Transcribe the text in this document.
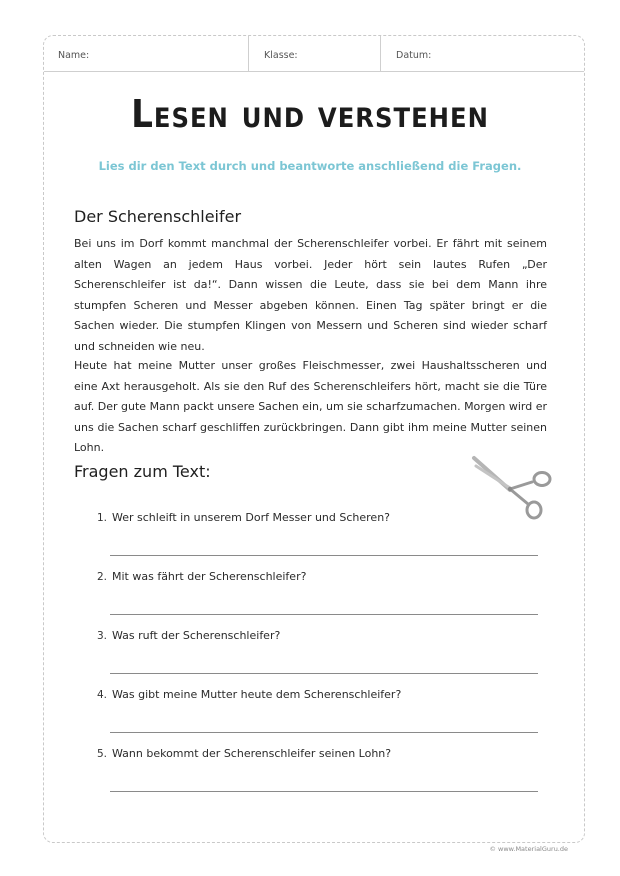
Name:	Klasse:	Datum:
Lesen und verstehen
Lies dir den Text durch und beantworte anschließend die Fragen.
Der Scherenschleifer

Bei uns im Dorf kommt manchmal der Scherenschleifer vorbei. Er fährt mit seinem alten Wagen an jedem Haus vorbei. Jeder hört sein lautes Rufen „Der Scherenschleifer ist da!“. Dann wissen die Leute, dass sie bei dem Mann ihre stumpfen Scheren und Messer abgeben können. Einen Tag später bringt er die Sachen wieder. Die stumpfen Klingen von Messern und Scheren sind wieder scharf und schneiden wie neu.

Heute hat meine Mutter unser großes Fleischmesser, zwei Haushaltsscheren und eine Axt herausgeholt. Als sie den Ruf des Scherenschleifers hört, macht sie die Türe auf. Der gute Mann packt unsere Sachen ein, um sie scharfzumachen. Morgen wird er uns die Sachen scharf geschliffen zurückbringen. Dann gibt ihm meine Mutter seinen Lohn.

Fragen zum Text:
1. Wer schleift in unserem Dorf Messer und Scheren?
2. Mit was fährt der Scherenschleifer?
3. Was ruft der Scherenschleifer?
4. Was gibt meine Mutter heute dem Scherenschleifer?
5. Wann bekommt der Scherenschleifer seinen Lohn?
© www.MaterialGuru.de
